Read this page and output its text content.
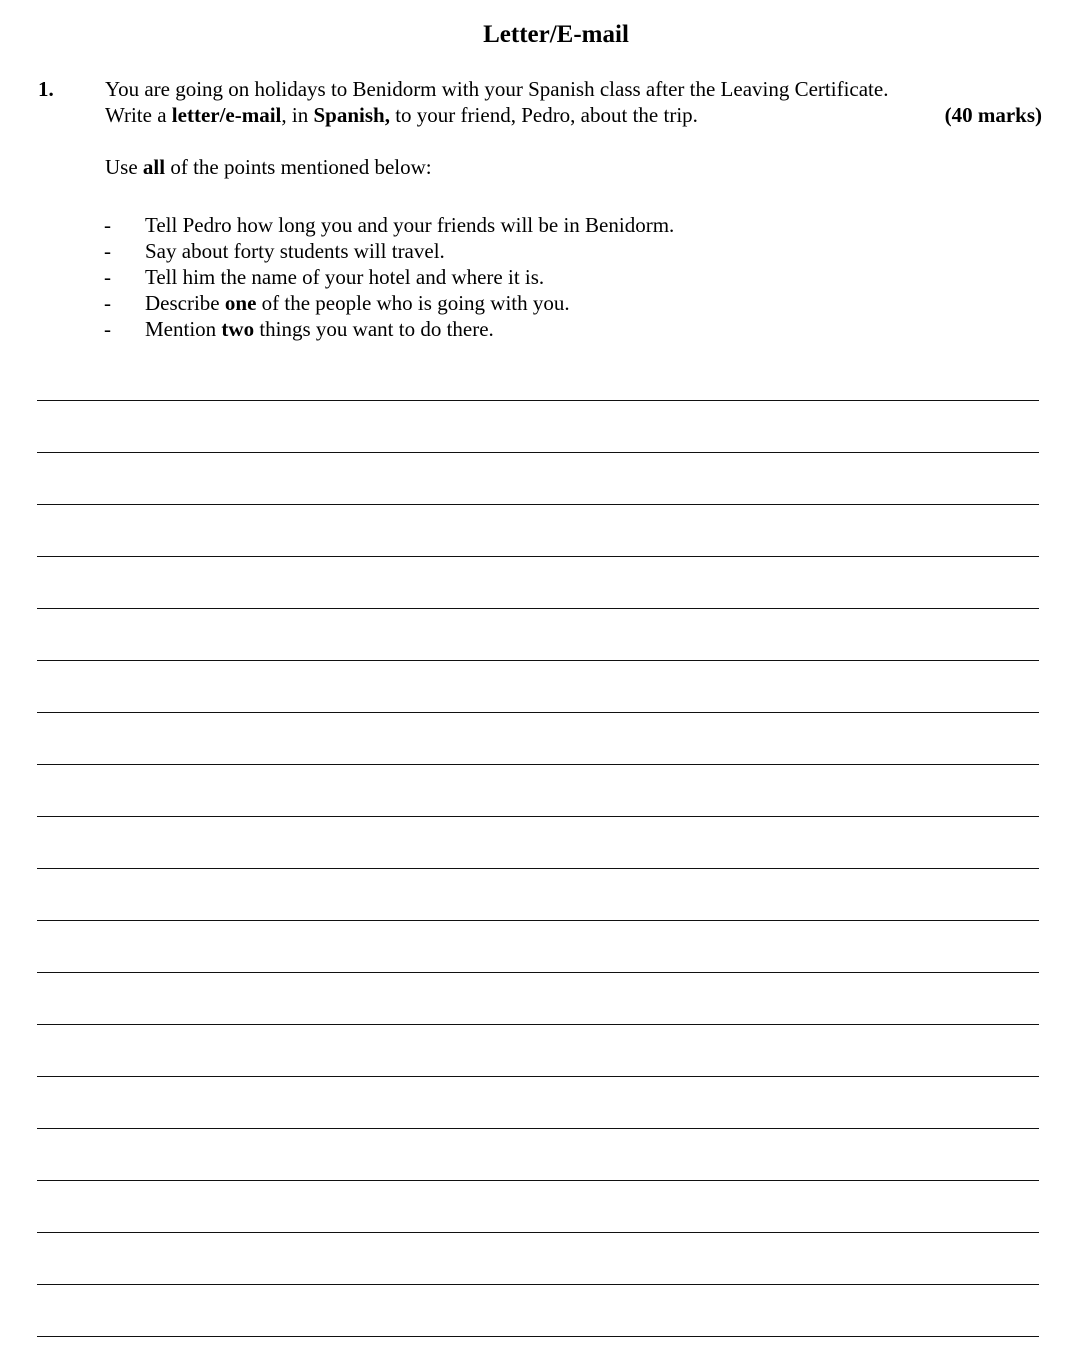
Letter/E-mail
1. You are going on holidays to Benidorm with your Spanish class after the Leaving Certificate.
Write a letter/e-mail, in Spanish, to your friend, Pedro, about the trip.	(40 marks)
Use all of the points mentioned below:
- Tell Pedro how long you and your friends will be in Benidorm.
- Say about forty students will travel.
- Tell him the name of your hotel and where it is.
- Describe one of the people who is going with you.
- Mention two things you want to do there.
